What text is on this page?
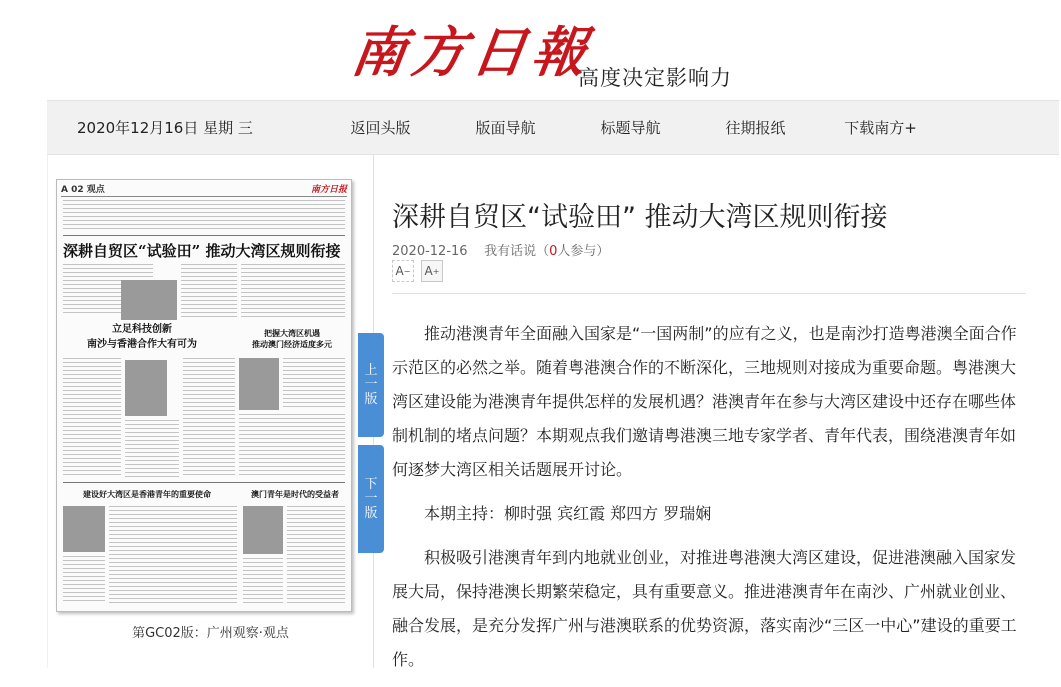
南方日報
高度决定影响力
2020年12月16日 星期 三	返回头版	版面导航	标题导航	往期报纸	下载南方+
A 02 观点	南方日报
深耕自贸区“试验田” 推动大湾区规则衔接
立足科技创新
南沙与香港合作大有可为
把握大湾区机遇
推动澳门经济适度多元
建设好大湾区是香港青年的重要使命	澳门青年是时代的受益者
第GC02版：广州观察·观点
上
一
版
下
一
版
深耕自贸区“试验田” 推动大湾区规则衔接
2020-12-16 我有话说（0人参与）
A − A +

推动港澳青年全面融入国家是“一国两制”的应有之义，也是南沙打造粤港澳全面合作示范区的必然之举。随着粤港澳合作的不断深化，三地规则对接成为重要命题。粤港澳大湾区建设能为港澳青年提供怎样的发展机遇？港澳青年在参与大湾区建设中还存在哪些体制机制的堵点问题？本期观点我们邀请粤港澳三地专家学者、青年代表，围绕港澳青年如何逐梦大湾区相关话题展开讨论。

本期主持：柳时强 宾红霞 郑四方 罗瑞娴

积极吸引港澳青年到内地就业创业，对推进粤港澳大湾区建设，促进港澳融入国家发展大局，保持港澳长期繁荣稳定，具有重要意义。推进港澳青年在南沙、广州就业创业、融合发展，是充分发挥广州与港澳联系的优势资源，落实南沙“三区一中心”建设的重要工作。
